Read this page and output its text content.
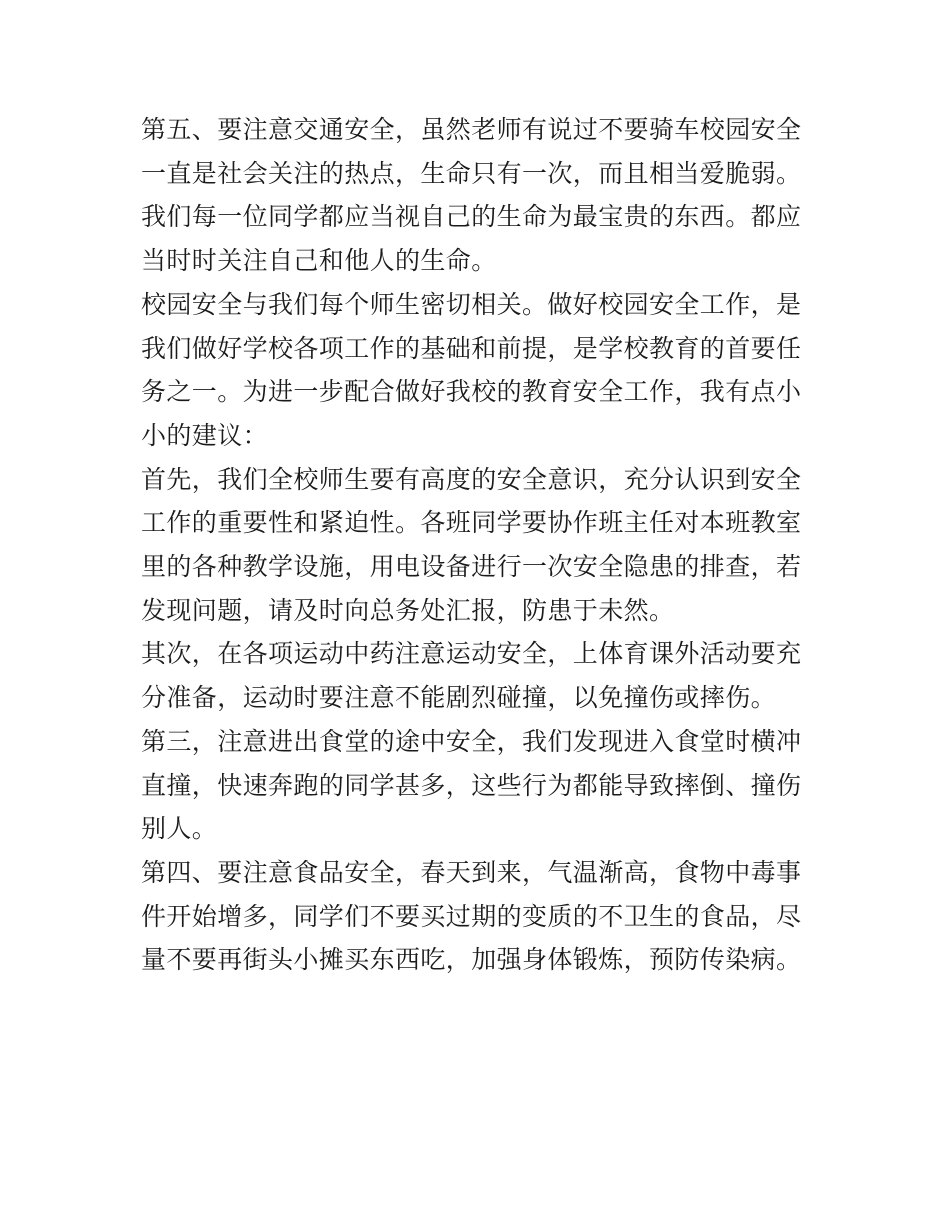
第五、要注意交通安全，虽然老师有说过不要骑车校园安全一直是社会关注的热点，生命只有一次，而且相当爱脆弱。我们每一位同学都应当视自己的生命为最宝贵的东西。都应当时时关注自己和他人的生命。

校园安全与我们每个师生密切相关。做好校园安全工作，是我们做好学校各项工作的基础和前提，是学校教育的首要任务之一。为进一步配合做好我校的教育安全工作，我有点小小的建议：

首先，我们全校师生要有高度的安全意识，充分认识到安全工作的重要性和紧迫性。各班同学要协作班主任对本班教室里的各种教学设施，用电设备进行一次安全隐患的排查，若发现问题，请及时向总务处汇报，防患于未然。

其次，在各项运动中药注意运动安全，上体育课外活动要充分准备，运动时要注意不能剧烈碰撞，以免撞伤或摔伤。

第三，注意进出食堂的途中安全，我们发现进入食堂时横冲直撞，快速奔跑的同学甚多，这些行为都能导致摔倒、撞伤别人。

第四、要注意食品安全，春天到来，气温渐高，食物中毒事件开始增多，同学们不要买过期的变质的不卫生的食品，尽量不要再街头小摊买东西吃，加强身体锻炼，预防传染病。
